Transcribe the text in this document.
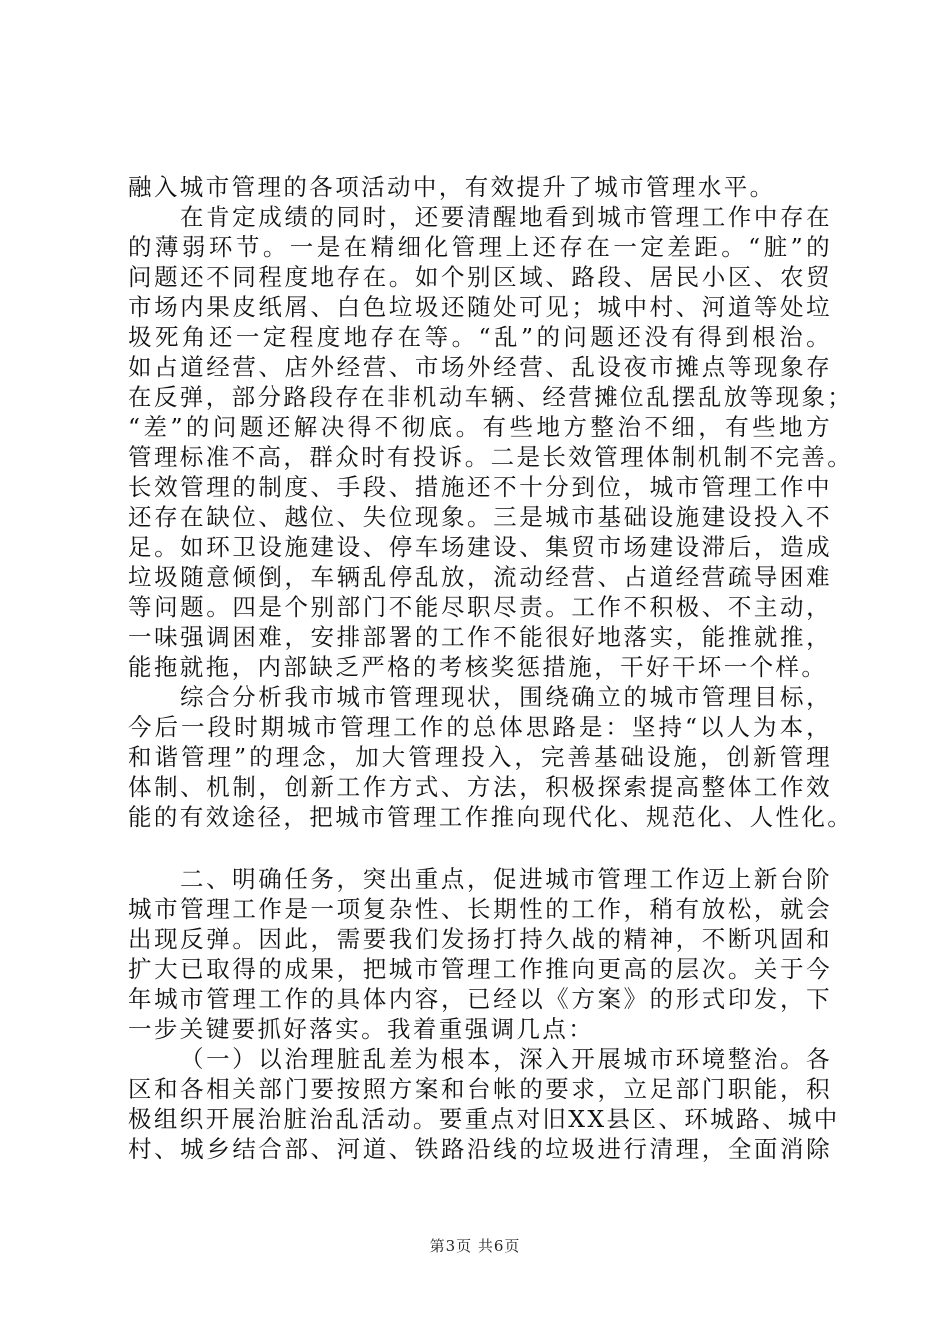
融入城市管理的各项活动中，有效提升了城市管理水平。
在肯定成绩的同时，还要清醒地看到城市管理工作中存在
的薄弱环节。一是在精细化管理上还存在一定差距。“脏”的
问题还不同程度地存在。如个别区域、路段、居民小区、农贸
市场内果皮纸屑、白色垃圾还随处可见；城中村、河道等处垃
圾死角还一定程度地存在等。“乱”的问题还没有得到根治。
如占道经营、店外经营、市场外经营、乱设夜市摊点等现象存
在反弹，部分路段存在非机动车辆、经营摊位乱摆乱放等现象；
“差”的问题还解决得不彻底。有些地方整治不细，有些地方
管理标准不高，群众时有投诉。二是长效管理体制机制不完善。
长效管理的制度、手段、措施还不十分到位，城市管理工作中
还存在缺位、越位、失位现象。三是城市基础设施建设投入不
足。如环卫设施建设、停车场建设、集贸市场建设滞后，造成
垃圾随意倾倒，车辆乱停乱放，流动经营、占道经营疏导困难
等问题。四是个别部门不能尽职尽责。工作不积极、不主动，
一味强调困难，安排部署的工作不能很好地落实，能推就推，
能拖就拖，内部缺乏严格的考核奖惩措施，干好干坏一个样。
综合分析我市城市管理现状，围绕确立的城市管理目标，
今后一段时期城市管理工作的总体思路是：坚持“以人为本，
和谐管理”的理念，加大管理投入，完善基础设施，创新管理
体制、机制，创新工作方式、方法，积极探索提高整体工作效
能的有效途径，把城市管理工作推向现代化、规范化、人性化。
二、明确任务，突出重点，促进城市管理工作迈上新台阶
城市管理工作是一项复杂性、长期性的工作，稍有放松，就会
出现反弹。因此，需要我们发扬打持久战的精神，不断巩固和
扩大已取得的成果，把城市管理工作推向更高的层次。关于今
年城市管理工作的具体内容，已经以《方案》的形式印发，下
一步关键要抓好落实。我着重强调几点：
（一）以治理脏乱差为根本，深入开展城市环境整治。各
区和各相关部门要按照方案和台帐的要求，立足部门职能，积
极组织开展治脏治乱活动。要重点对旧XX县区、环城路、城中
村、城乡结合部、河道、铁路沿线的垃圾进行清理，全面消除
第3页 共6页
